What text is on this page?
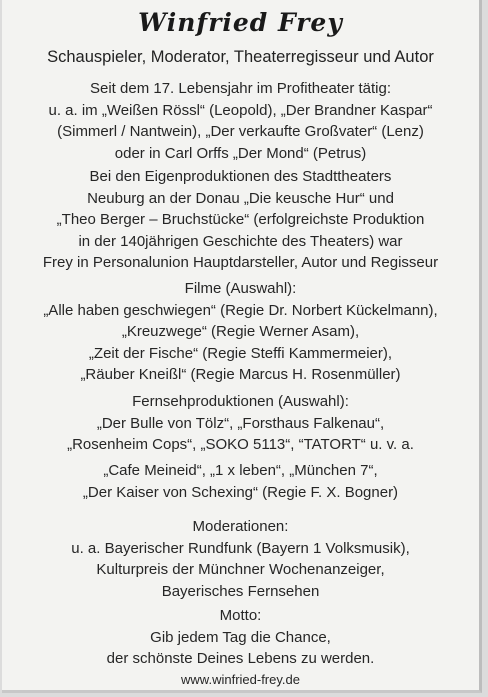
Winfried Frey
Schauspieler, Moderator, Theaterregisseur und Autor
Seit dem 17. Lebensjahr im Profitheater tätig:
u. a. im „Weißen Rössl“ (Leopold), „Der Brandner Kaspar“
(Simmerl / Nantwein), „Der verkaufte Großvater“ (Lenz)
oder in Carl Orffs „Der Mond“ (Petrus)
Bei den Eigenproduktionen des Stadttheaters
Neuburg an der Donau „Die keusche Hur“ und
„Theo Berger – Bruchstücke“ (erfolgreichste Produktion
in der 140jährigen Geschichte des Theaters) war
Frey in Personalunion Hauptdarsteller, Autor und Regisseur
Filme (Auswahl):
„Alle haben geschwiegen“ (Regie Dr. Norbert Kückelmann),
„Kreuzwege“ (Regie Werner Asam),
„Zeit der Fische“ (Regie Steffi Kammermeier),
„Räuber Kneißl“ (Regie Marcus H. Rosenmüller)
Fernsehproduktionen (Auswahl):
„Der Bulle von Tölz“, „Forsthaus Falkenau“,
„Rosenheim Cops“, „SOKO 5113“, “TATORT“ u. v. a.
„Cafe Meineid“, „1 x leben“, „München 7“,
„Der Kaiser von Schexing“ (Regie F. X. Bogner)
Moderationen:
u. a. Bayerischer Rundfunk (Bayern 1 Volksmusik),
Kulturpreis der Münchner Wochenanzeiger,
Bayerisches Fernsehen
Motto:
Gib jedem Tag die Chance,
der schönste Deines Lebens zu werden.
www.winfried-frey.de
